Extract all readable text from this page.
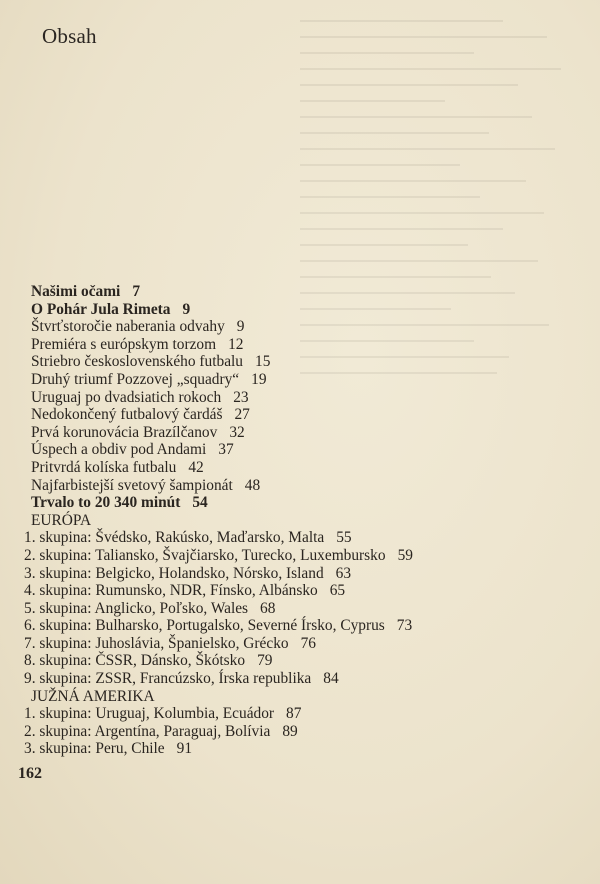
Obsah
Našimi očami 7
O Pohár Jula Rimeta 9
Štvrťstoročie naberania odvahy 9
Premiéra s európskym torzom 12
Striebro československého futbalu 15
Druhý triumf Pozzovej „squadry“ 19
Uruguaj po dvadsiatich rokoch 23
Nedokončený futbalový čardáš 27
Prvá korunovácia Brazílčanov 32
Úspech a obdiv pod Andami 37
Pritvrdá kolíska futbalu 42
Najfarbistejší svetový šampionát 48
Trvalo to 20 340 minút 54
EURÓPA
1. skupina: Švédsko, Rakúsko, Maďarsko, Malta 55
2. skupina: Taliansko, Švajčiarsko, Turecko, Luxembursko 59
3. skupina: Belgicko, Holandsko, Nórsko, Island 63
4. skupina: Rumunsko, NDR, Fínsko, Albánsko 65
5. skupina: Anglicko, Poľsko, Wales 68
6. skupina: Bulharsko, Portugalsko, Severné Írsko, Cyprus 73
7. skupina: Juhoslávia, Španielsko, Grécko 76
8. skupina: ČSSR, Dánsko, Škótsko 79
9. skupina: ZSSR, Francúzsko, Írska republika 84
JUŽNÁ AMERIKA
1. skupina: Uruguaj, Kolumbia, Ecuádor 87
2. skupina: Argentína, Paraguaj, Bolívia 89
3. skupina: Peru, Chile 91
162
